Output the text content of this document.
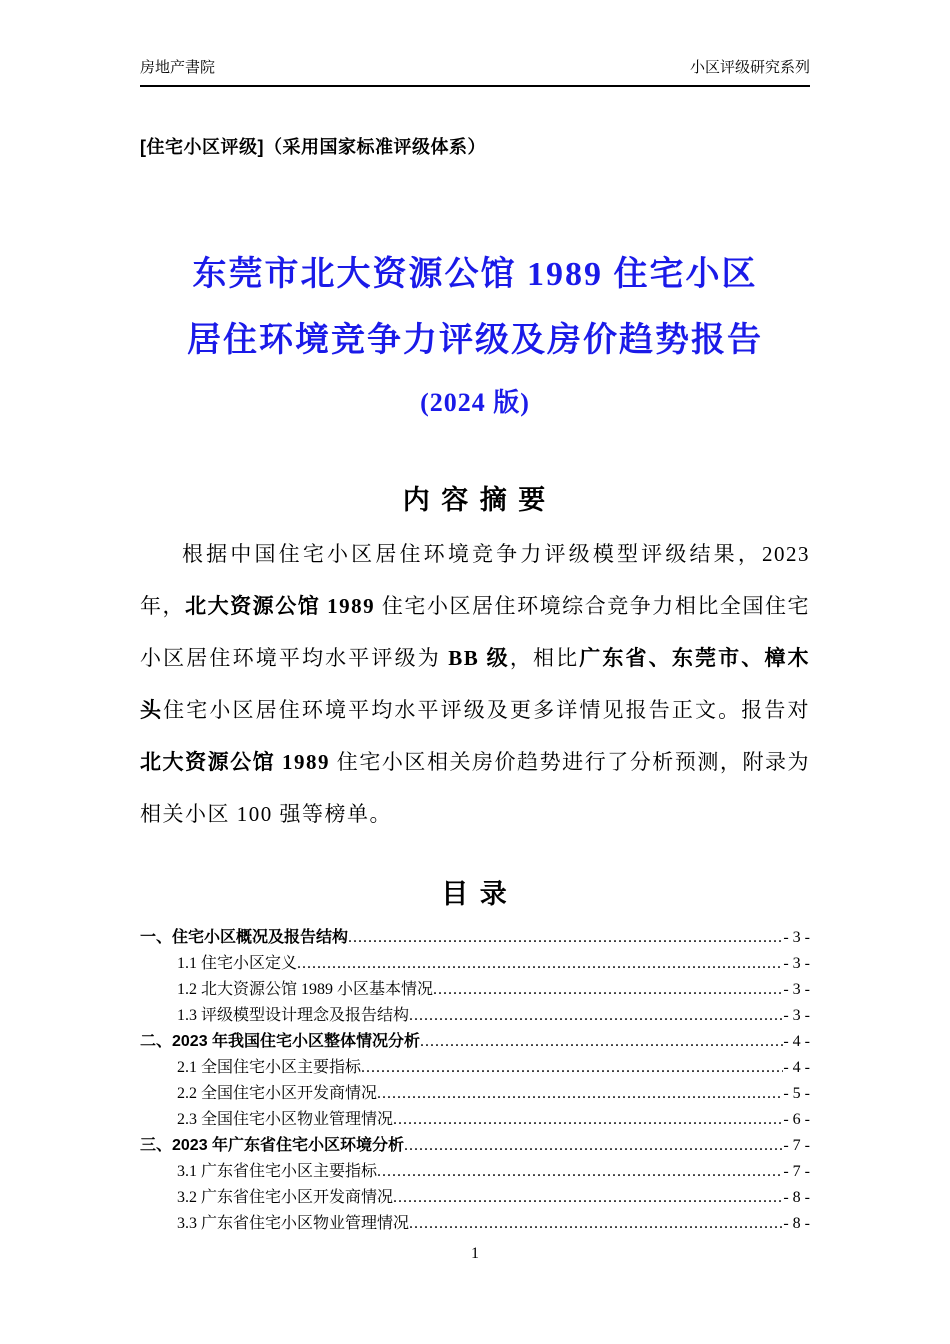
房地产書院	小区评级研究系列
[住宅小区评级]（采用国家标准评级体系）
东莞市北大资源公馆 1989 住宅小区
居住环境竞争力评级及房价趋势报告
(2024 版)
内 容 摘 要
根据中国住宅小区居住环境竞争力评级模型评级结果，2023 年，北大资源公馆 1989 住宅小区居住环境综合竞争力相比全国住宅小区居住环境平均水平评级为 BB 级，相比广东省、东莞市、樟木头住宅小区居住环境平均水平评级及更多详情见报告正文。报告对北大资源公馆 1989 住宅小区相关房价趋势进行了分析预测，附录为相关小区 100 强等榜单。
目 录
一、住宅小区概况及报告结构 .....	- 3 -
1.1 住宅小区定义 .....	- 3 -
1.2 北大资源公馆 1989 小区基本情况 .....	- 3 -
1.3 评级模型设计理念及报告结构 .....	- 3 -
二、2023 年我国住宅小区整体情况分析 .....	- 4 -
2.1 全国住宅小区主要指标 .....	- 4 -
2.2 全国住宅小区开发商情况 .....	- 5 -
2.3 全国住宅小区物业管理情况 .....	- 6 -
三、2023 年广东省住宅小区环境分析 .....	- 7 -
3.1 广东省住宅小区主要指标 .....	- 7 -
3.2 广东省住宅小区开发商情况 .....	- 8 -
3.3 广东省住宅小区物业管理情况 .....	- 8 -
1
